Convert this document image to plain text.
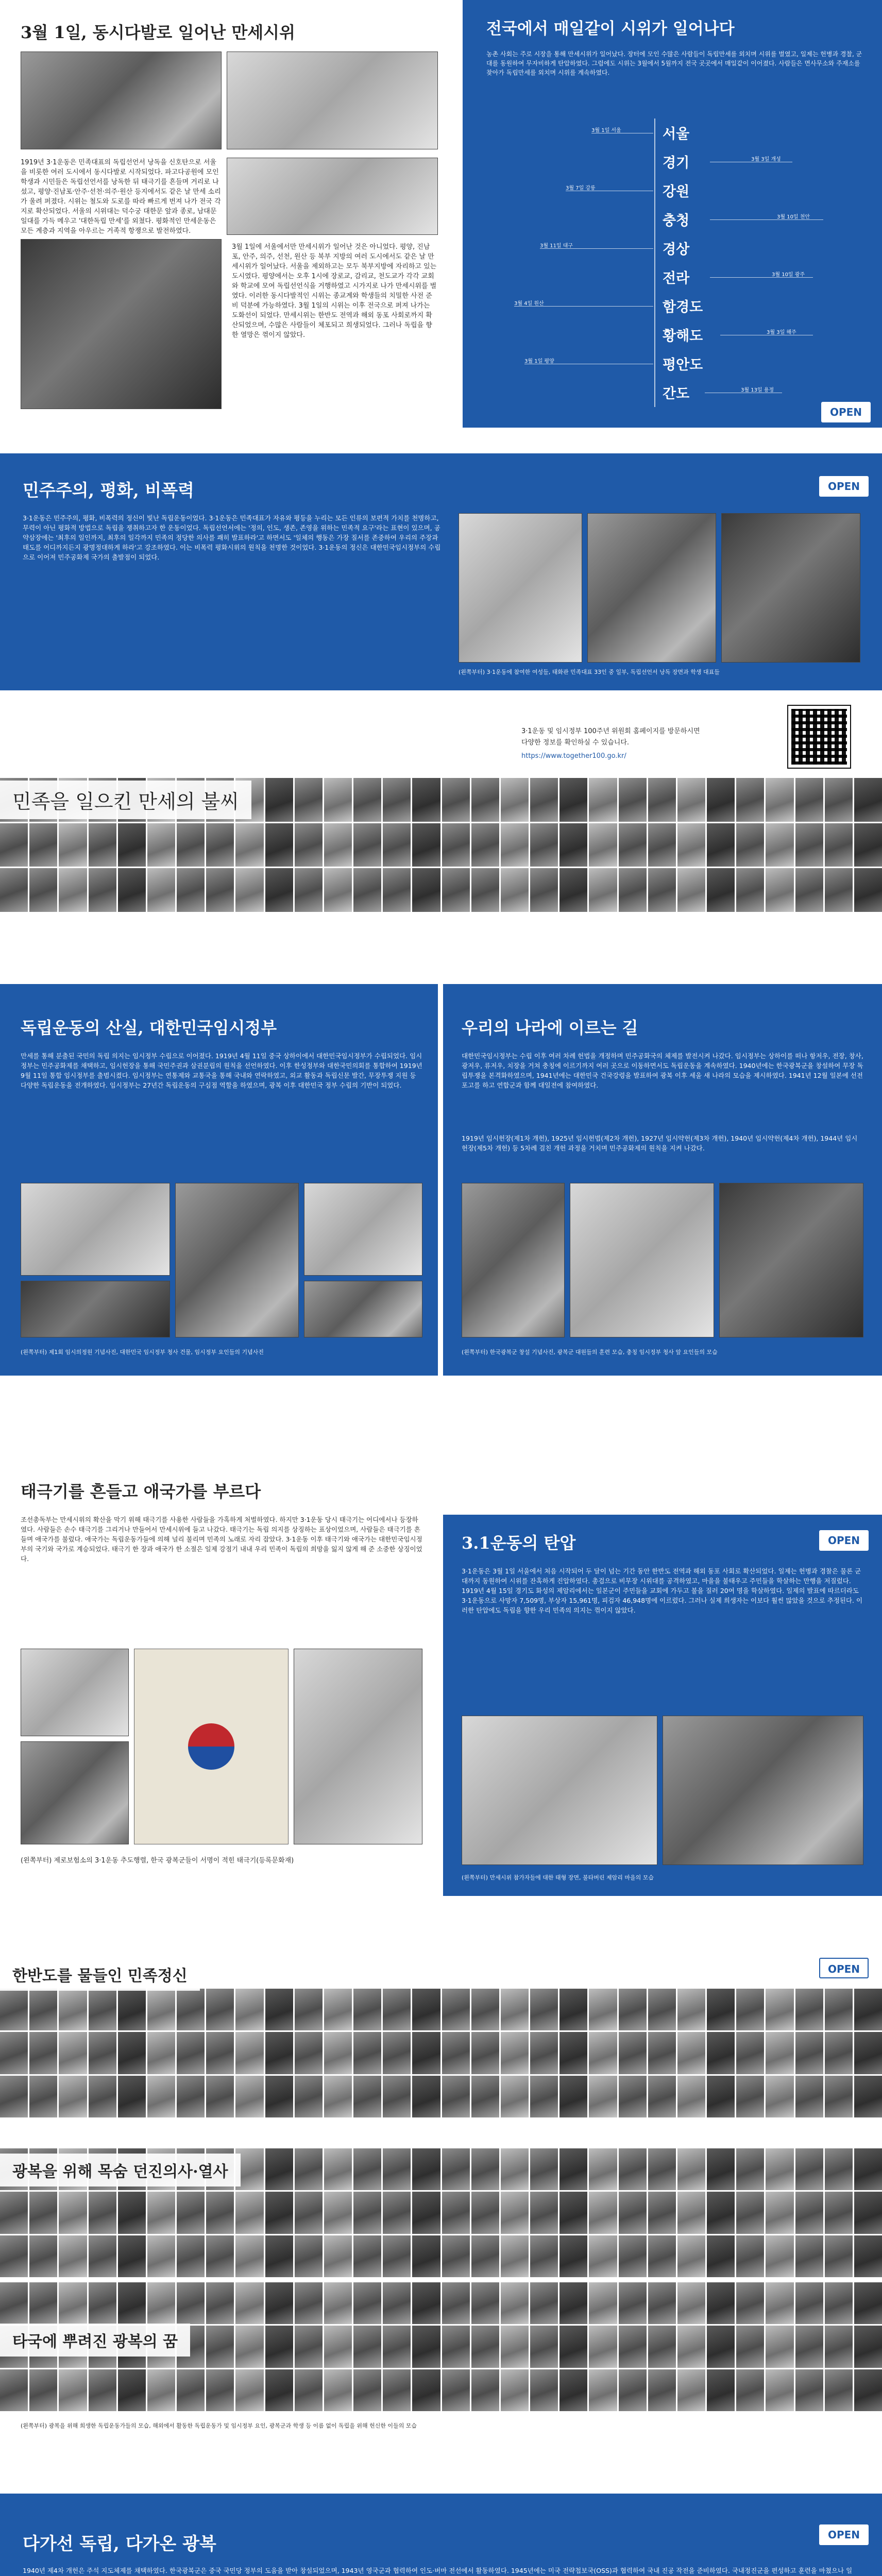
3월 1일, 동시다발로 일어난 만세시위
1919년 3·1운동은 민족대표의 독립선언서 낭독을 신호탄으로 서울을 비롯한 여러 도시에서 동시다발로 시작되었다. 파고다공원에 모인 학생과 시민들은 독립선언서를 낭독한 뒤 태극기를 흔들며 거리로 나섰고, 평양·진남포·안주·선천·의주·원산 등지에서도 같은 날 만세 소리가 울려 퍼졌다. 시위는 철도와 도로를 따라 빠르게 번져 나가 전국 각지로 확산되었다. 서울의 시위대는 덕수궁 대한문 앞과 종로, 남대문 일대를 가득 메우고 '대한독립 만세'를 외쳤다. 평화적인 만세운동은 모든 계층과 지역을 아우르는 거족적 항쟁으로 발전하였다.
3월 1일에 서울에서만 만세시위가 일어난 것은 아니었다. 평양, 진남포, 안주, 의주, 선천, 원산 등 북부 지방의 여러 도시에서도 같은 날 만세시위가 일어났다. 서울을 제외하고는 모두 북부지방에 자리하고 있는 도시였다. 평양에서는 오후 1시에 장로교, 감리교, 천도교가 각각 교회와 학교에 모여 독립선언식을 거행하였고 시가지로 나가 만세시위를 벌였다. 이러한 동시다발적인 시위는 종교계와 학생들의 치밀한 사전 준비 덕분에 가능하였다. 3월 1일의 시위는 이후 전국으로 퍼져 나가는 도화선이 되었다. 만세시위는 한반도 전역과 해외 동포 사회로까지 확산되었으며, 수많은 사람들이 체포되고 희생되었다. 그러나 독립을 향한 열망은 꺾이지 않았다.
전국에서 매일같이 시위가 일어나다
농촌 사회는 주로 시장을 통해 만세시위가 일어났다. 장터에 모인 수많은 사람들이 독립만세를 외치며 시위를 벌였고, 일제는 헌병과 경찰, 군대를 동원하여 무자비하게 탄압하였다. 그럼에도 시위는 3월에서 5월까지 전국 곳곳에서 매일같이 이어졌다. 사람들은 면사무소와 주재소를 찾아가 독립만세를 외치며 시위를 계속하였다.
서울
경기
강원
충청
경상
전라
함경도
황해도
평안도
간도
3월 1일 서울
3월 3일 개성
3월 7일 강릉
3월 10일 천안
3월 11일 대구
3월 10일 광주
3월 4일 원산
3월 3일 해주
3월 1일 평양
3월 13일 용정
OPEN
민주주의, 평화, 비폭력	OPEN
3·1운동은 민주주의, 평화, 비폭력의 정신이 빛난 독립운동이었다. 3·1운동은 민족대표가 자유와 평등을 누리는 모든 인류의 보편적 가치를 천명하고, 무력이 아닌 평화적 방법으로 독립을 쟁취하고자 한 운동이었다. 독립선언서에는 '정의, 인도, 생존, 존영을 위하는 민족적 요구'라는 표현이 있으며, 공약삼장에는 '최후의 일인까지, 최후의 일각까지 민족의 정당한 의사를 쾌히 발표하라'고 하면서도 '일체의 행동은 가장 질서를 존중하여 우리의 주장과 태도를 어디까지든지 광명정대하게 하라'고 강조하였다. 이는 비폭력 평화시위의 원칙을 천명한 것이었다. 3·1운동의 정신은 대한민국임시정부의 수립으로 이어져 민주공화제 국가의 출발점이 되었다.
(왼쪽부터) 3·1운동에 참여한 여성들, 태화관 민족대표 33인 중 일부, 독립선언서 낭독 장면과 학생 대표들
3·1운동 및 임시정부 100주년 위원회 홈페이지를 방문하시면
다양한 정보를 확인하실 수 있습니다.
https://www.together100.go.kr/
민족을 일으킨 만세의 불씨
독립운동의 산실, 대한민국임시정부
만세를 통해 분출된 국민의 독립 의지는 임시정부 수립으로 이어졌다. 1919년 4월 11일 중국 상하이에서 대한민국임시정부가 수립되었다. 임시정부는 민주공화제를 채택하고, 임시헌장을 통해 국민주권과 삼권분립의 원칙을 선언하였다. 이후 한성정부와 대한국민의회를 통합하여 1919년 9월 11일 통합 임시정부를 출범시켰다. 임시정부는 연통제와 교통국을 통해 국내와 연락하였고, 외교 활동과 독립신문 발간, 무장투쟁 지원 등 다양한 독립운동을 전개하였다. 임시정부는 27년간 독립운동의 구심점 역할을 하였으며, 광복 이후 대한민국 정부 수립의 기반이 되었다.
(왼쪽부터) 제1회 임시의정원 기념사진, 대한민국 임시정부 청사 건물, 임시정부 요인들의 기념사진
우리의 나라에 이르는 길
대한민국임시정부는 수립 이후 여러 차례 헌법을 개정하며 민주공화국의 체제를 발전시켜 나갔다. 임시정부는 상하이를 떠나 항저우, 전장, 창사, 광저우, 류저우, 치장을 거쳐 충칭에 이르기까지 여러 곳으로 이동하면서도 독립운동을 계속하였다. 1940년에는 한국광복군을 창설하여 무장 독립투쟁을 본격화하였으며, 1941년에는 대한민국 건국강령을 발표하여 광복 이후 세울 새 나라의 모습을 제시하였다. 1941년 12월 일본에 선전포고를 하고 연합군과 함께 대일전에 참여하였다.
1919년 임시헌장(제1차 개헌), 1925년 임시헌법(제2차 개헌), 1927년 임시약헌(제3차 개헌), 1940년 임시약헌(제4차 개헌), 1944년 임시헌장(제5차 개헌) 등 5차례 걸친 개헌 과정을 거치며 민주공화제의 원칙을 지켜 나갔다.
(왼쪽부터) 한국광복군 창설 기념사진, 광복군 대원들의 훈련 모습, 충칭 임시정부 청사 앞 요인들의 모습
태극기를 흔들고 애국가를 부르다
조선총독부는 만세시위의 확산을 막기 위해 태극기를 사용한 사람들을 가혹하게 처벌하였다. 하지만 3·1운동 당시 태극기는 어디에서나 등장하였다. 사람들은 손수 태극기를 그리거나 만들어서 만세시위에 들고 나갔다. 태극기는 독립 의지를 상징하는 표상이었으며, 사람들은 태극기를 흔들며 애국가를 불렀다. 애국가는 독립운동가들에 의해 널리 불리며 민족의 노래로 자리 잡았다. 3·1운동 이후 태극기와 애국가는 대한민국임시정부의 국기와 국가로 계승되었다. 태극기 한 장과 애국가 한 소절은 일제 강점기 내내 우리 민족이 독립의 희망을 잃지 않게 해 준 소중한 상징이었다.
(왼쪽부터) 제로보험소의 3·1운동 추도행렬, 한국 광복군들이 서명이 적힌 태극기(등록문화재)
3.1운동의 탄압	OPEN
3·1운동은 3월 1일 서울에서 처음 시작되어 두 달이 넘는 기간 동안 한반도 전역과 해외 동포 사회로 확산되었다. 일제는 헌병과 경찰은 물론 군대까지 동원하여 시위를 잔혹하게 진압하였다. 총검으로 비무장 시위대를 공격하였고, 마을을 불태우고 주민들을 학살하는 만행을 저질렀다. 1919년 4월 15일 경기도 화성의 제암리에서는 일본군이 주민들을 교회에 가두고 불을 질러 20여 명을 학살하였다. 일제의 발표에 따르더라도 3·1운동으로 사망자 7,509명, 부상자 15,961명, 피검자 46,948명에 이르렀다. 그러나 실제 희생자는 이보다 훨씬 많았을 것으로 추정된다. 이러한 탄압에도 독립을 향한 우리 민족의 의지는 꺾이지 않았다.
(왼쪽부터) 만세시위 참가자들에 대한 태형 장면, 불타버린 제암리 마을의 모습
한반도를 물들인 민족정신	OPEN
광복을 위해 목숨 던진의사·열사
타국에 뿌려진 광복의 꿈
(왼쪽부터) 광복을 위해 희생한 독립운동가들의 모습, 해외에서 활동한 독립운동가 및 임시정부 요인, 광복군과 학생 등 이름 없이 독립을 위해 헌신한 이들의 모습
다가선 독립, 다가온 광복	OPEN
1940년 제4차 개헌은 주석 지도체제를 채택하였다. 한국광복군은 중국 국민당 정부의 도움을 받아 창설되었으며, 1943년 영국군과 협력하여 인도·버마 전선에서 활동하였다. 1945년에는 미국 전략첩보국(OSS)과 협력하여 국내 진공 작전을 준비하였다. 국내정진군을 편성하고 훈련을 마쳤으나 일
